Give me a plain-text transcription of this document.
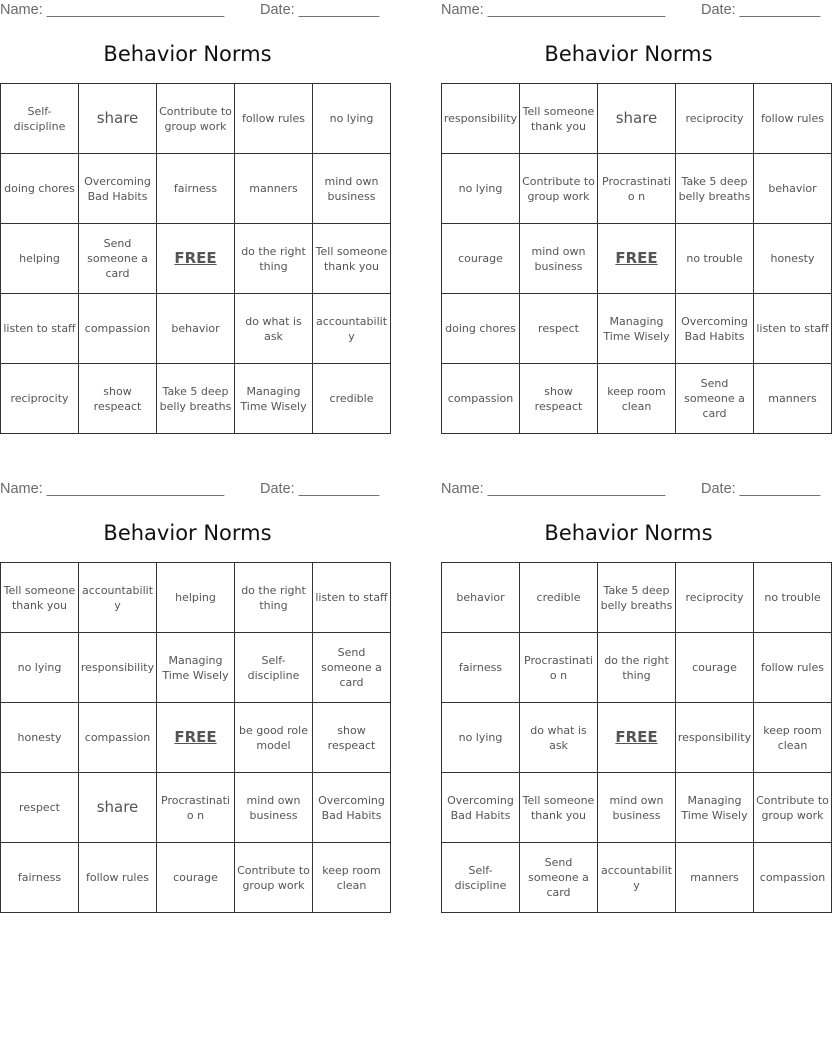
Name: ______________________ Date: __________
Behavior Norms
Self-discipline	share	Contribute to group work	follow rules	no lying
doing chores	Overcoming Bad Habits	fairness	manners	mind own business
helping	Send someone a card	FREE	do the right thing	Tell someone thank you
listen to staff	compassion	behavior	do what is ask	accountability
reciprocity	show respeact	Take 5 deep belly breaths	Managing Time Wisely	credible
Name: ______________________ Date: __________
Behavior Norms
responsibility	Tell someone thank you	share	reciprocity	follow rules
no lying	Contribute to group work	Procrastinatio n	Take 5 deep belly breaths	behavior
courage	mind own business	FREE	no trouble	honesty
doing chores	respect	Managing Time Wisely	Overcoming Bad Habits	listen to staff
compassion	show respeact	keep room clean	Send someone a card	manners
Name: ______________________ Date: __________
Behavior Norms
Tell someone thank you	accountability	helping	do the right thing	listen to staff
no lying	responsibility	Managing Time Wisely	Self-discipline	Send someone a card
honesty	compassion	FREE	be good role model	show respeact
respect	share	Procrastinatio n	mind own business	Overcoming Bad Habits
fairness	follow rules	courage	Contribute to group work	keep room clean
Name: ______________________ Date: __________
Behavior Norms
behavior	credible	Take 5 deep belly breaths	reciprocity	no trouble
fairness	Procrastinatio n	do the right thing	courage	follow rules
no lying	do what is ask	FREE	responsibility	keep room clean
Overcoming Bad Habits	Tell someone thank you	mind own business	Managing Time Wisely	Contribute to group work
Self-discipline	Send someone a card	accountability	manners	compassion
